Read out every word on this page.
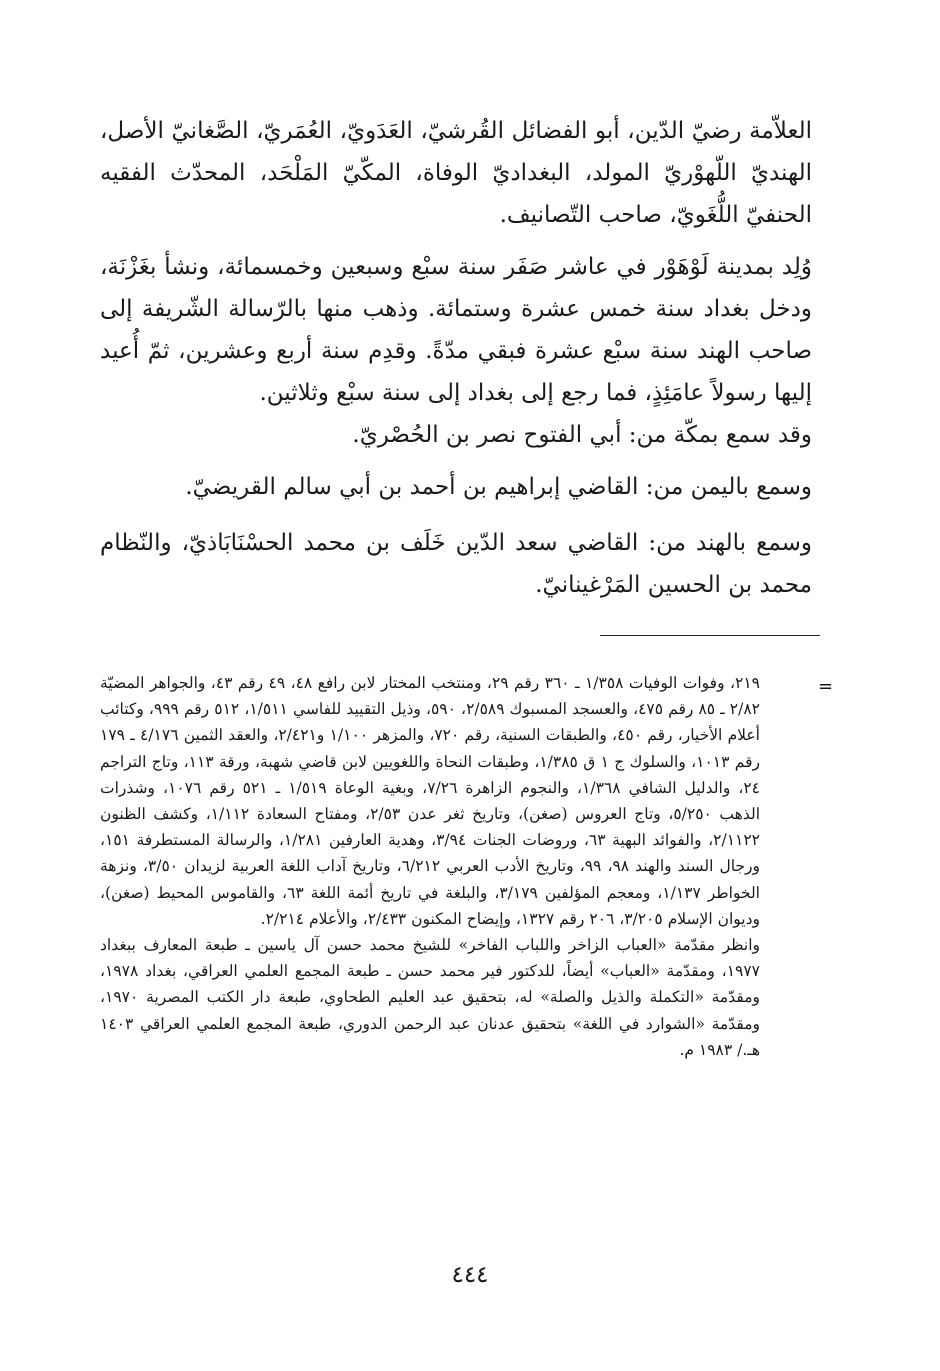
العلاّمة رضيّ الدّين، أبو الفضائل القُرشيّ، العَدَويّ، العُمَريّ، الصَّغانيّ الأصل، الهنديّ اللّهوْريّ المولد، البغداديّ الوفاة، المكّيّ المَلْحَد، المحدّث الفقيه الحنفيّ اللُّغَويّ، صاحب التّصانيف.

وُلِد بمدينة لَوْهَوْر في عاشر صَفَر سنة سبْع وسبعين وخمسمائة، ونشأ بغَزْنَة، ودخل بغداد سنة خمس عشرة وستمائة. وذهب منها بالرّسالة الشّريفة إلى صاحب الهند سنة سبْع عشرة فبقي مدّةً. وقدِم سنة أربع وعشرين، ثمّ أُعيد إليها رسولاً عامَئِذٍ، فما رجع إلى بغداد إلى سنة سبْع وثلاثين.

وقد سمع بمكّة من: أبي الفتوح نصر بن الحُصْريّ.

وسمع باليمن من: القاضي إبراهيم بن أحمد بن أبي سالم القريضيّ.

وسمع بالهند من: القاضي سعد الدّين خَلَف بن محمد الحسْنَابَاذيّ، والنّظام محمد بن الحسين المَرْغينانيّ.

=

٢١٩، وفوات الوفيات ١/٣٥٨ ـ ٣٦٠ رقم ٢٩، ومنتخب المختار لابن رافع ٤٨، ٤٩ رقم ٤٣، والجواهر المضيّة ٢/٨٢ ـ ٨٥ رقم ٤٧٥، والعسجد المسبوك ٢/٥٨٩، ٥٩٠، وذيل التقييد للفاسي ١/٥١١، ٥١٢ رقم ٩٩٩، وكتائب أعلام الأخيار، رقم ٤٥٠، والطبقات السنية، رقم ٧٢٠، والمزهر ١/١٠٠ و٢/٤٢١، والعقد الثمين ٤/١٧٦ ـ ١٧٩ رقم ١٠١٣، والسلوك ج ١ ق ١/٣٨٥، وطبقات النحاة واللغويين لابن قاضي شهبة، ورقة ١١٣، وتاج التراجم ٢٤، والدليل الشافي ١/٣٦٨، والنجوم الزاهرة ٧/٢٦، وبغية الوعاة ١/٥١٩ ـ ٥٢١ رقم ١٠٧٦، وشذرات الذهب ٥/٢٥٠، وتاج العروس (صغن)، وتاريخ ثغر عدن ٢/٥٣، ومفتاح السعادة ١/١١٢، وكشف الظنون ٢/١١٢٢، والفوائد البهية ٦٣، وروضات الجنات ٣/٩٤، وهدية العارفين ١/٢٨١، والرسالة المستطرفة ١٥١، ورجال السند والهند ٩٨، ٩٩، وتاريخ الأدب العربي ٦/٢١٢، وتاريخ آداب اللغة العربية لزيدان ٣/٥٠، ونزهة الخواطر ١/١٣٧، ومعجم المؤلفين ٣/١٧٩، والبلغة في تاريخ أئمة اللغة ٦٣، والقاموس المحيط (صغن)، وديوان الإسلام ٣/٢٠٥، ٢٠٦ رقم ١٣٢٧، وإيضاح المكنون ٢/٤٣٣، والأعلام ٢/٢١٤.

وانظر مقدّمة «العباب الزاخر واللباب الفاخر» للشيخ محمد حسن آل ياسين ـ طبعة المعارف ببغداد ١٩٧٧، ومقدّمة «العباب» أيضاً، للدكتور فير محمد حسن ـ طبعة المجمع العلمي العراقي، بغداد ١٩٧٨، ومقدّمة «التكملة والذيل والصلة» له، بتحقيق عبد العليم الطحاوي، طبعة دار الكتب المصرية ١٩٧٠، ومقدّمة «الشوارد في اللغة» بتحقيق عدنان عبد الرحمن الدوري، طبعة المجمع العلمي العراقي ١٤٠٣ هـ./ ١٩٨٣ م.

٤٤٤
